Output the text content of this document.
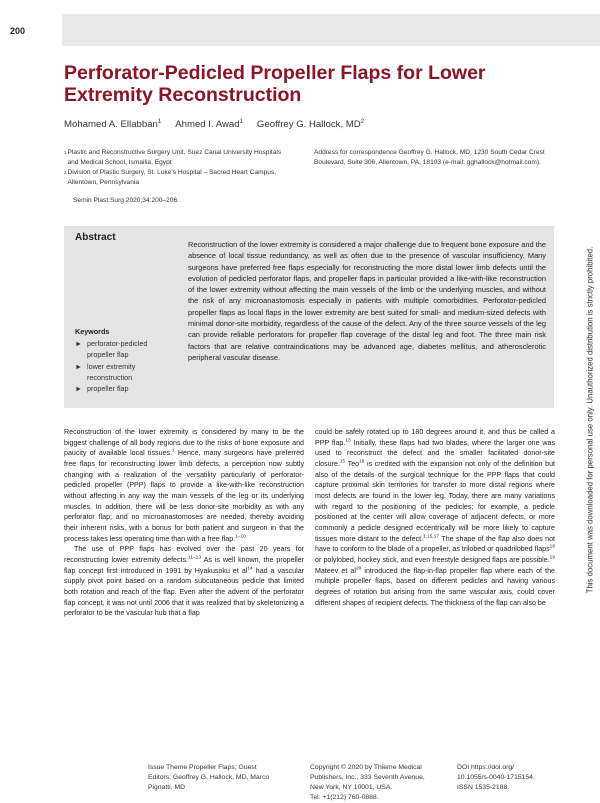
200
Perforator-Pedicled Propeller Flaps for Lower Extremity Reconstruction
Mohamed A. Ellabban$^1$ Ahmed I. Awad$^1$ Geoffrey G. Hallock, $MD^2$
1 Plastic and Reconstructive Surgery Unit, Suez Canal University Hospitals and Medical School, Ismailia, Egypt
2 Division of Plastic Surgery, St. Luke's Hospital – Sacred Heart Campus, Allentown, Pennsylvania
Address for correspondence Geoffrey G. Hallock, MD, 1230 South Cedar Crest Boulevard, Suite 306, Allentown, PA, 18103 (e-mail: gghallock@hotmail.com).
Semin Plast Surg 2020;34:200–206.
Abstract
Keywords
► perforator-pedicled propeller flap
► lower extremity reconstruction
► propeller flap
Reconstruction of the lower extremity is considered a major challenge due to frequent bone exposure and the absence of local tissue redundancy, as well as often due to the presence of vascular insufficiency. Many surgeons have preferred free flaps especially for reconstructing the more distal lower limb defects until the evolution of pedicled perforator flaps, and propeller flaps in particular provided a like-with-like reconstruction of the lower extremity without affecting the main vessels of the limb or the underlying muscles, and without the risk of any microanastomosis especially in patients with multiple comorbidities. Perforator-pedicled propeller flaps as local flaps in the lower extremity are best suited for small- and medium-sized defects with minimal donor-site morbidity, regardless of the cause of the defect. Any of the three source vessels of the leg can provide reliable perforators for propeller flap coverage of the distal leg and foot. The three main risk factors that are relative contraindications may be advanced age, diabetes mellitus, and atherosclerotic peripheral vascular disease.

Reconstruction of the lower extremity is considered by many to be the biggest challenge of all body regions due to the risks of bone exposure and paucity of available local tissues.$^1$ Hence, many surgeons have preferred free flaps for reconstructing lower limb defects, a perception now subtly changing with a realization of the versatility particularly of perforator-pedicled propeller (PPP) flaps to provide a like-with-like reconstruction without affecting in any way the main vessels of the leg or its underlying muscles. In addition, there will be less donor-site morbidity as with any perforator flap; and no microanastomoses are needed, thereby avoiding their inherent risks, with a bonus for both patient and surgeon in that the process takes less operating time than with a free flap.$^{1-10}$

The use of PPP flaps has evolved over the past 20 years for reconstructing lower extremity defects.$^{11-13}$ As is well known, the propeller flap concept first introduced in 1991 by Hyakusoku et al$^{14}$ had a vascular supply pivot point based on a random subcutaneous pedicle that limited both rotation and reach of the flap. Even after the advent of the perforator flap concept, it was not until 2006 that it was realized that by skeletonizing a perforator to be the vascular hub that a flap

could be safely rotated up to 180 degrees around it, and thus be called a PPP flap.$^{13}$ Initially, these flaps had two blades, where the larger one was used to reconstruct the defect and the smaller facilitated donor-site closure.$^{15}$ Teo$^{16}$ is credited with the expansion not only of the definition but also of the details of the surgical technique for the PPP flaps that could capture proximal skin territories for transfer to more distal regions where most defects are found in the lower leg. Today, there are many variations with regard to the positioning of the pedicles; for example, a pedicle positioned at the center will allow coverage of adjacent defects, or more commonly a pedicle designed eccentrically will be more likely to capture tissues more distant to the defect.$^{1,15,17}$ The shape of the flap also does not have to conform to the blade of a propeller, as trilobed or quadrilobed flaps$^{18}$ or polylobed, hockey stick, and even freestyle designed flaps are possible.$^{19}$ Mateev et al$^{20}$ introduced the flap-in-flap propeller flap where each of the multiple propeller flaps, based on different pedicles and having various degrees of rotation but arising from the same vascular axis, could cover different shapes of recipient defects. The thickness of the flap can also be

Issue Theme Propeller Flaps; Guest
Editors: Geoffrey G. Hallock, MD, Marco
Pignatti, MD
Copyright © 2020 by Thieme Medical
Publishers, Inc., 333 Seventh Avenue,
New York, NY 10001, USA.
Tel: +1(212) 760-0888.
DOI https://doi.org/
10.1055/s-0040-1715154.
ISSN 1535-2188.
This document was downloaded for personal use only. Unauthorized distribution is strictly prohibited.
